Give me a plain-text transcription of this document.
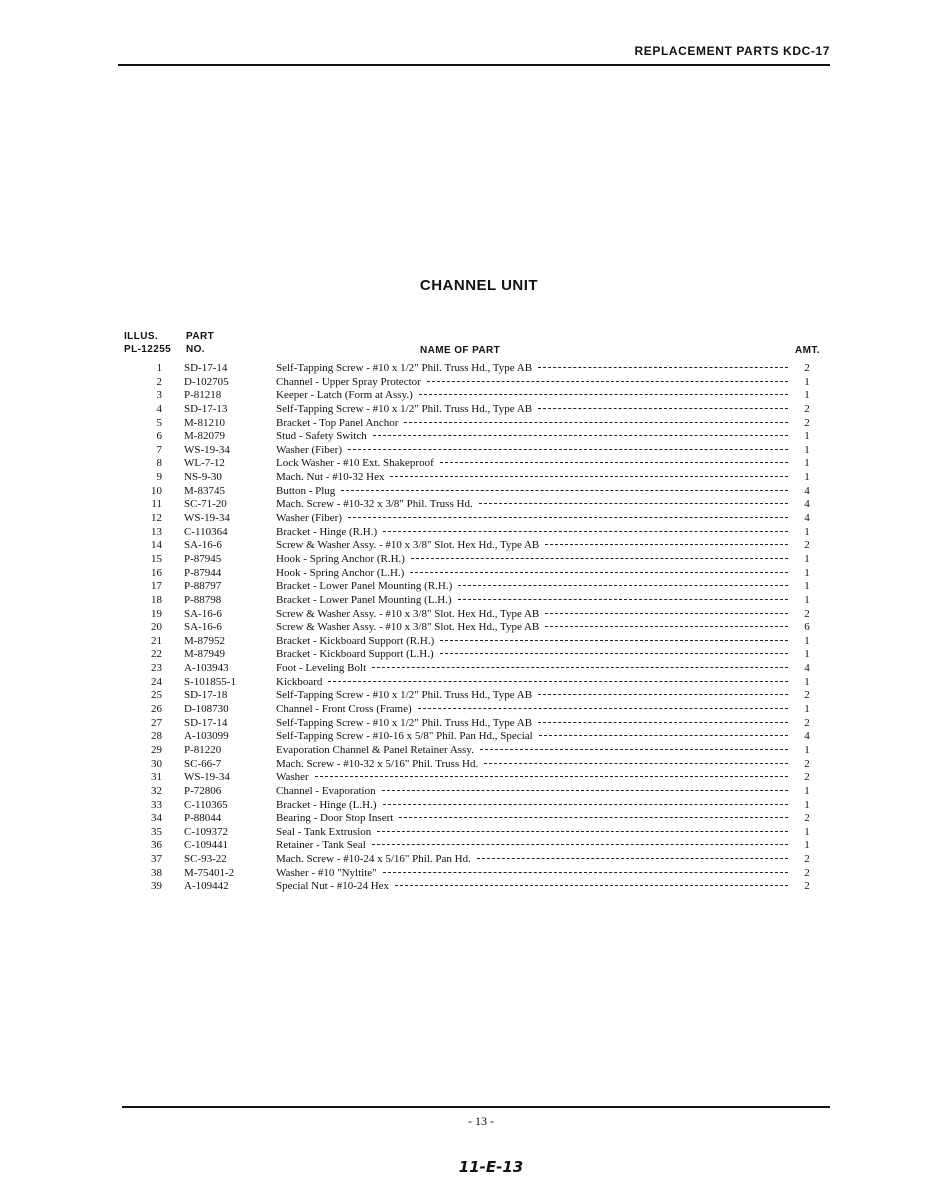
REPLACEMENT PARTS KDC-17
CHANNEL UNIT
ILLUS.
PL-12255
PART
NO.	NAME OF PART	AMT.
1 SD-17-14	Self-Tapping Screw - #10 x 1/2" Phil. Truss Hd., Type AB	2
2 D-102705	Channel - Upper Spray Protector	1
3 P-81218	Keeper - Latch (Form at Assy.)	1
4 SD-17-13	Self-Tapping Screw - #10 x 1/2" Phil. Truss Hd., Type AB	2
5 M-81210	Bracket - Top Panel Anchor	2
6 M-82079	Stud - Safety Switch	1
7 WS-19-34	Washer (Fiber)	1
8 WL-7-12	Lock Washer - #10 Ext. Shakeproof	1
9 NS-9-30	Mach. Nut - #10-32 Hex	1
10 M-83745	Button - Plug	4
11 SC-71-20	Mach. Screw - #10-32 x 3/8" Phil. Truss Hd.	4
12 WS-19-34	Washer (Fiber)	4
13 C-110364	Bracket - Hinge (R.H.)	1
14 SA-16-6	Screw & Washer Assy. - #10 x 3/8" Slot. Hex Hd., Type AB	2
15 P-87945	Hook - Spring Anchor (R.H.)	1
16 P-87944	Hook - Spring Anchor (L.H.)	1
17 P-88797	Bracket - Lower Panel Mounting (R.H.)	1
18 P-88798	Bracket - Lower Panel Mounting (L.H.)	1
19 SA-16-6	Screw & Washer Assy. - #10 x 3/8" Slot. Hex Hd., Type AB	2
20 SA-16-6	Screw & Washer Assy. - #10 x 3/8" Slot. Hex Hd., Type AB	6
21 M-87952	Bracket - Kickboard Support (R.H.)	1
22 M-87949	Bracket - Kickboard Support (L.H.)	1
23 A-103943	Foot - Leveling Bolt	4
24 S-101855-1	Kickboard	1
25 SD-17-18	Self-Tapping Screw - #10 x 1/2" Phil. Truss Hd., Type AB	2
26 D-108730	Channel - Front Cross (Frame)	1
27 SD-17-14	Self-Tapping Screw - #10 x 1/2" Phil. Truss Hd., Type AB	2
28 A-103099	Self-Tapping Screw - #10-16 x 5/8" Phil. Pan Hd., Special	4
29 P-81220	Evaporation Channel & Panel Retainer Assy.	1
30 SC-66-7	Mach. Screw - #10-32 x 5/16" Phil. Truss Hd.	2
31 WS-19-34	Washer	2
32 P-72806	Channel - Evaporation	1
33 C-110365	Bracket - Hinge (L.H.)	1
34 P-88044	Bearing - Door Stop Insert	2
35 C-109372	Seal - Tank Extrusion	1
36 C-109441	Retainer - Tank Seal	1
37 SC-93-22	Mach. Screw - #10-24 x 5/16" Phil. Pan Hd.	2
38 M-75401-2	Washer - #10 "Nyltite"	2
39 A-109442	Special Nut - #10-24 Hex	2
- 13 -
11-E-13
